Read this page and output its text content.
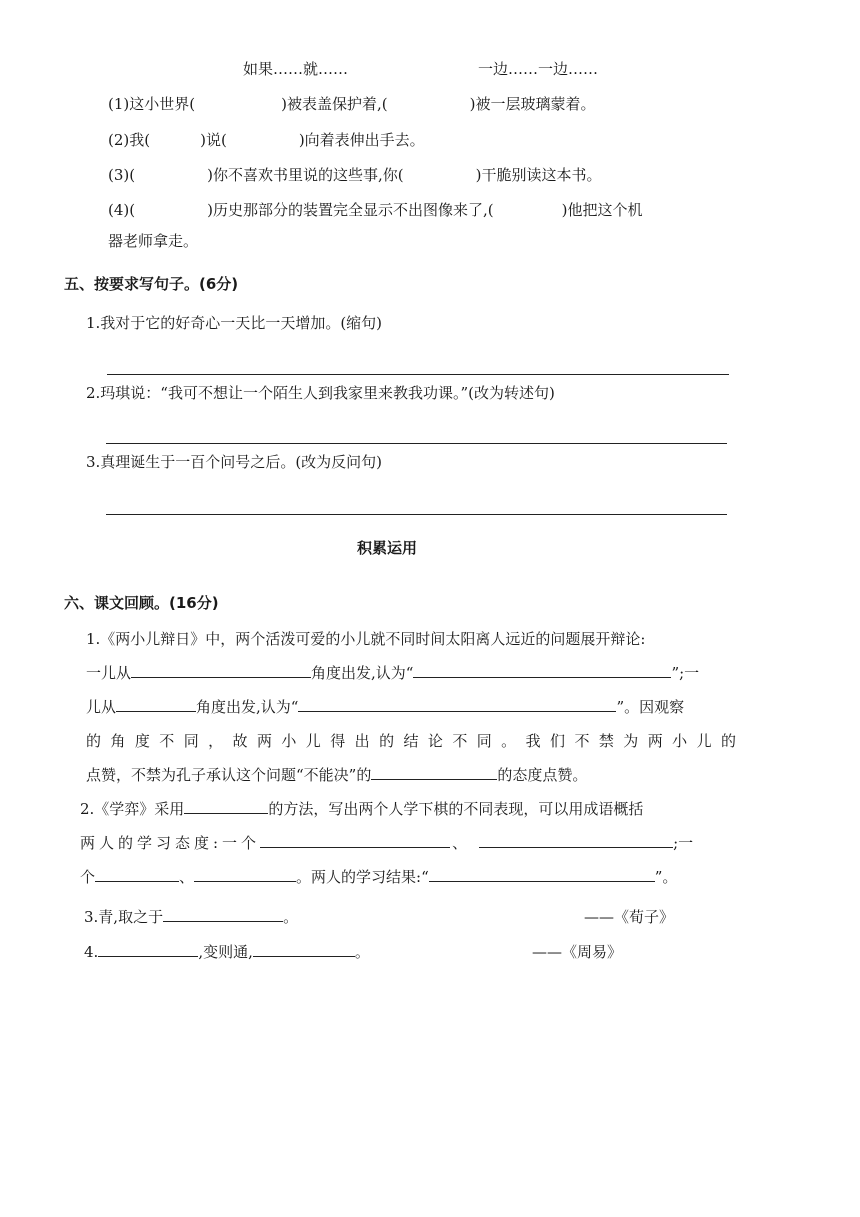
如果……就……	一边……一边……
(1)这小世界(	)被表盖保护着,(	)被一层玻璃蒙着。
(2)我(	)说(	)向着表伸出手去。
(3)(	)你不喜欢书里说的这些事,你(	)干脆别读这本书。
(4)(	)历史那部分的装置完全显示不出图像来了,(	)他把这个机
器老师拿走。
五、按要求写句子。(6分)
1.我对于它的好奇心一天比一天增加。(缩句)
2.玛琪说：“我可不想让一个陌生人到我家里来教我功课。”(改为转述句)
3.真理诞生于一百个问号之后。(改为反问句)
积累运用
六、课文回顾。(16分)
1.《两小儿辩日》中，两个活泼可爱的小儿就不同时间太阳离人远近的问题展开辩论:
一儿从	角度出发,认为“	”;一
儿从	角度出发,认为“	”。因观察
的角度不同，故两小儿得出的结论不同。我们不禁为两小儿的
点赞，不禁为孔子承认这个问题“不能决”的	的态度点赞。
2.《学弈》采用	的方法，写出两个人学下棋的不同表现，可以用成语概括
两人的学习态度:一个	、	;一
个	、	。两人的学习结果:“	”。
3.青,取之于	。	——《荀子》
4.	,变则通,	。	——《周易》
